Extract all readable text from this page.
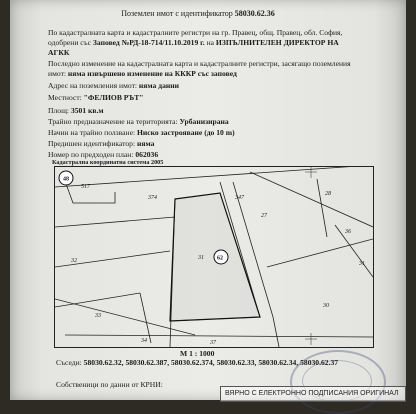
Поземлен имот с идентификатор 58030.62.36
По кадастралната карта и кадастралните регистри на гр. Правец, общ. Правец, обл. София,
одобрени със Заповед №РД-18-714/11.10.2019 г. на ИЗПЪЛНИТЕЛЕН ДИРЕКТОР НА
АГКК
Последно изменение на кадастралната карта и кадастралните регистри, засягащо поземления
имот: няма извършено изменение на КККР със заповед
Адрес на поземления имот: няма данни
Местност: "ФЕЛИОВ РЪТ"
Площ: 3501 кв.м
Трайно предназначение на територията: Урбанизирана
Начин на трайно ползване: Ниско застрояване (до 10 m)
Предишен идентификатор: няма
Номер по предходен план: 062036
Кадастрална координатна система 2005
48
517
374	347
28
27
36
62
31
32	31
33
30
34	37
М 1 : 1000
Съседи: 58030.62.32, 58030.62.387, 58030.62.374, 58030.62.33, 58030.62.34, 58030.62.37
Собственици по данни от КРНИ:
ВЯРНО С ЕЛЕКТРОННО ПОДПИСАНИЯ ОРИГИНАЛ
